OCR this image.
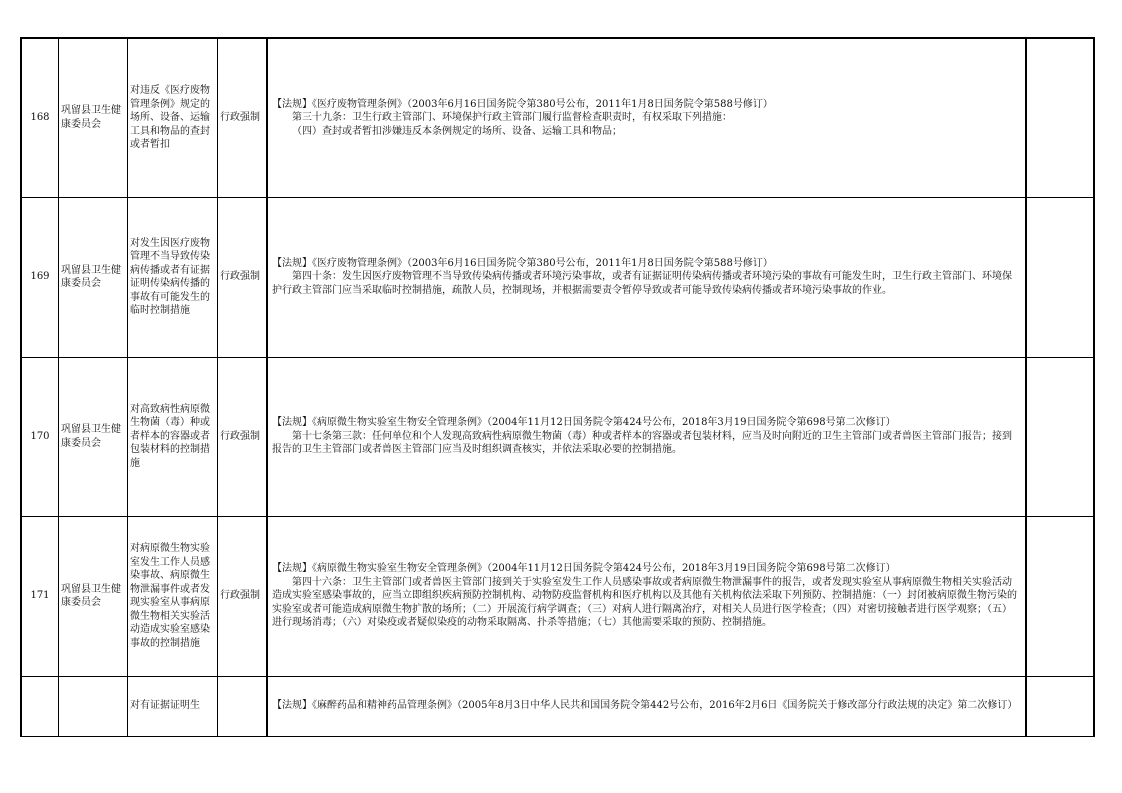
168	巩留县卫生健康委员会	对违反《医疗废物管理条例》规定的场所、设备、运输工具和物品的查封或者暂扣	行政强制	【法规】《医疗废物管理条例》（2003年6月16日国务院令第380号公布，2011年1月8日国务院令第588号修订）
第三十九条：卫生行政主管部门、环境保护行政主管部门履行监督检查职责时，有权采取下列措施：
（四）查封或者暂扣涉嫌违反本条例规定的场所、设备、运输工具和物品；	

169	巩留县卫生健康委员会	对发生因医疗废物管理不当导致传染病传播或者有证据证明传染病传播的事故有可能发生的临时控制措施	行政强制	【法规】《医疗废物管理条例》（2003年6月16日国务院令第380号公布，2011年1月8日国务院令第588号修订）
第四十条：发生因医疗废物管理不当导致传染病传播或者环境污染事故，或者有证据证明传染病传播或者环境污染的事故有可能发生时，卫生行政主管部门、环境保护行政主管部门应当采取临时控制措施，疏散人员，控制现场，并根据需要责令暂停导致或者可能导致传染病传播或者环境污染事故的作业。	

170	巩留县卫生健康委员会	对高致病性病原微生物菌（毒）种或者样本的容器或者包装材料的控制措施	行政强制	【法规】《病原微生物实验室生物安全管理条例》（2004年11月12日国务院令第424号公布，2018年3月19日国务院令第698号第二次修订）
第十七条第三款：任何单位和个人发现高致病性病原微生物菌（毒）种或者样本的容器或者包装材料，应当及时向附近的卫生主管部门或者兽医主管部门报告；接到报告的卫生主管部门或者兽医主管部门应当及时组织调查核实，并依法采取必要的控制措施。	

171	巩留县卫生健康委员会	对病原微生物实验室发生工作人员感染事故、病原微生物泄漏事件或者发现实验室从事病原微生物相关实验活动造成实验室感染事故的控制措施	行政强制	【法规】《病原微生物实验室生物安全管理条例》（2004年11月12日国务院令第424号公布，2018年3月19日国务院令第698号第二次修订）
第四十六条：卫生主管部门或者兽医主管部门接到关于实验室发生工作人员感染事故或者病原微生物泄漏事件的报告，或者发现实验室从事病原微生物相关实验活动造成实验室感染事故的，应当立即组织疾病预防控制机构、动物防疫监督机构和医疗机构以及其他有关机构依法采取下列预防、控制措施：（一）封闭被病原微生物污染的实验室或者可能造成病原微生物扩散的场所；（二）开展流行病学调查；（三）对病人进行隔离治疗，对相关人员进行医学检查；（四）对密切接触者进行医学观察；（五）进行现场消毒；（六）对染疫或者疑似染疫的动物采取隔离、扑杀等措施；（七）其他需要采取的预防、控制措施。	

		对有证据证明生		【法规】《麻醉药品和精神药品管理条例》（2005年8月3日中华人民共和国国务院令第442号公布，2016年2月6日《国务院关于修改部分行政法规的决定》第二次修订）	
